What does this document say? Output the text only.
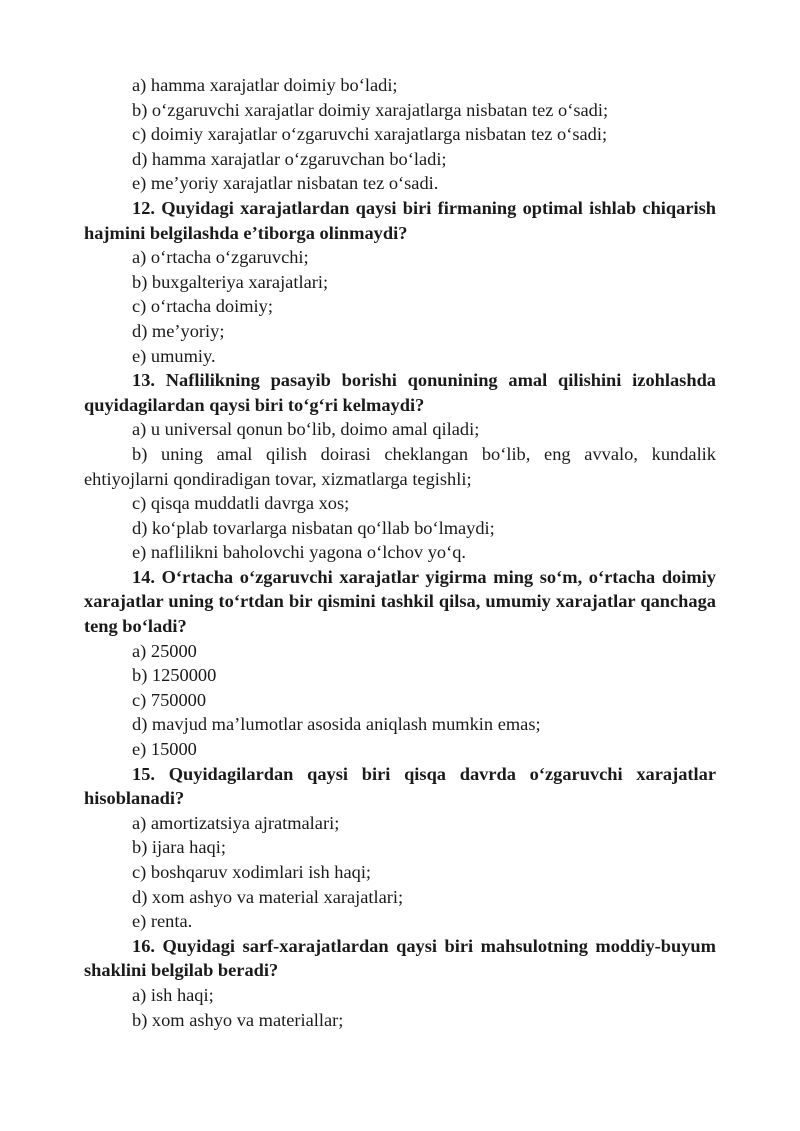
a) hamma xarajatlar doimiy bo‘ladi;

b) o‘zgaruvchi xarajatlar doimiy xarajatlarga nisbatan tez o‘sadi;

c) doimiy xarajatlar o‘zgaruvchi xarajatlarga nisbatan tez o‘sadi;

d) hamma xarajatlar o‘zgaruvchan bo‘ladi;

e) me’yoriy xarajatlar nisbatan tez o‘sadi.

12. Quyidagi xarajatlardan qaysi biri firmaning optimal ishlab chiqarish hajmini belgilashda e’tiborga olinmaydi?

a) o‘rtacha o‘zgaruvchi;

b) buxgalteriya xarajatlari;

c) o‘rtacha doimiy;

d) me’yoriy;

e) umumiy.

13. Naflilikning pasayib borishi qonunining amal qilishini izohlashda quyidagilardan qaysi biri to‘g‘ri kelmaydi?

a) u universal qonun bo‘lib, doimo amal qiladi;

b) uning amal qilish doirasi cheklangan bo‘lib, eng avvalo, kundalik ehtiyojlarni qondiradigan tovar, xizmatlarga tegishli;

c) qisqa muddatli davrga xos;

d) ko‘plab tovarlarga nisbatan qo‘llab bo‘lmaydi;

e) naflilikni baholovchi yagona o‘lchov yo‘q.

14. O‘rtacha o‘zgaruvchi xarajatlar yigirma ming so‘m, o‘rtacha doimiy xarajatlar uning to‘rtdan bir qismini tashkil qilsa, umumiy xarajatlar qanchaga teng bo‘ladi?

a) 25000

b) 1250000

c) 750000

d) mavjud ma’lumotlar asosida aniqlash mumkin emas;

e) 15000

15. Quyidagilardan qaysi biri qisqa davrda o‘zgaruvchi xarajatlar hisoblanadi?

a) amortizatsiya ajratmalari;

b) ijara haqi;

c) boshqaruv xodimlari ish haqi;

d) xom ashyo va material xarajatlari;

e) renta.

16. Quyidagi sarf-xarajatlardan qaysi biri mahsulotning moddiy-buyum shaklini belgilab beradi?

a) ish haqi;

b) xom ashyo va materiallar;
